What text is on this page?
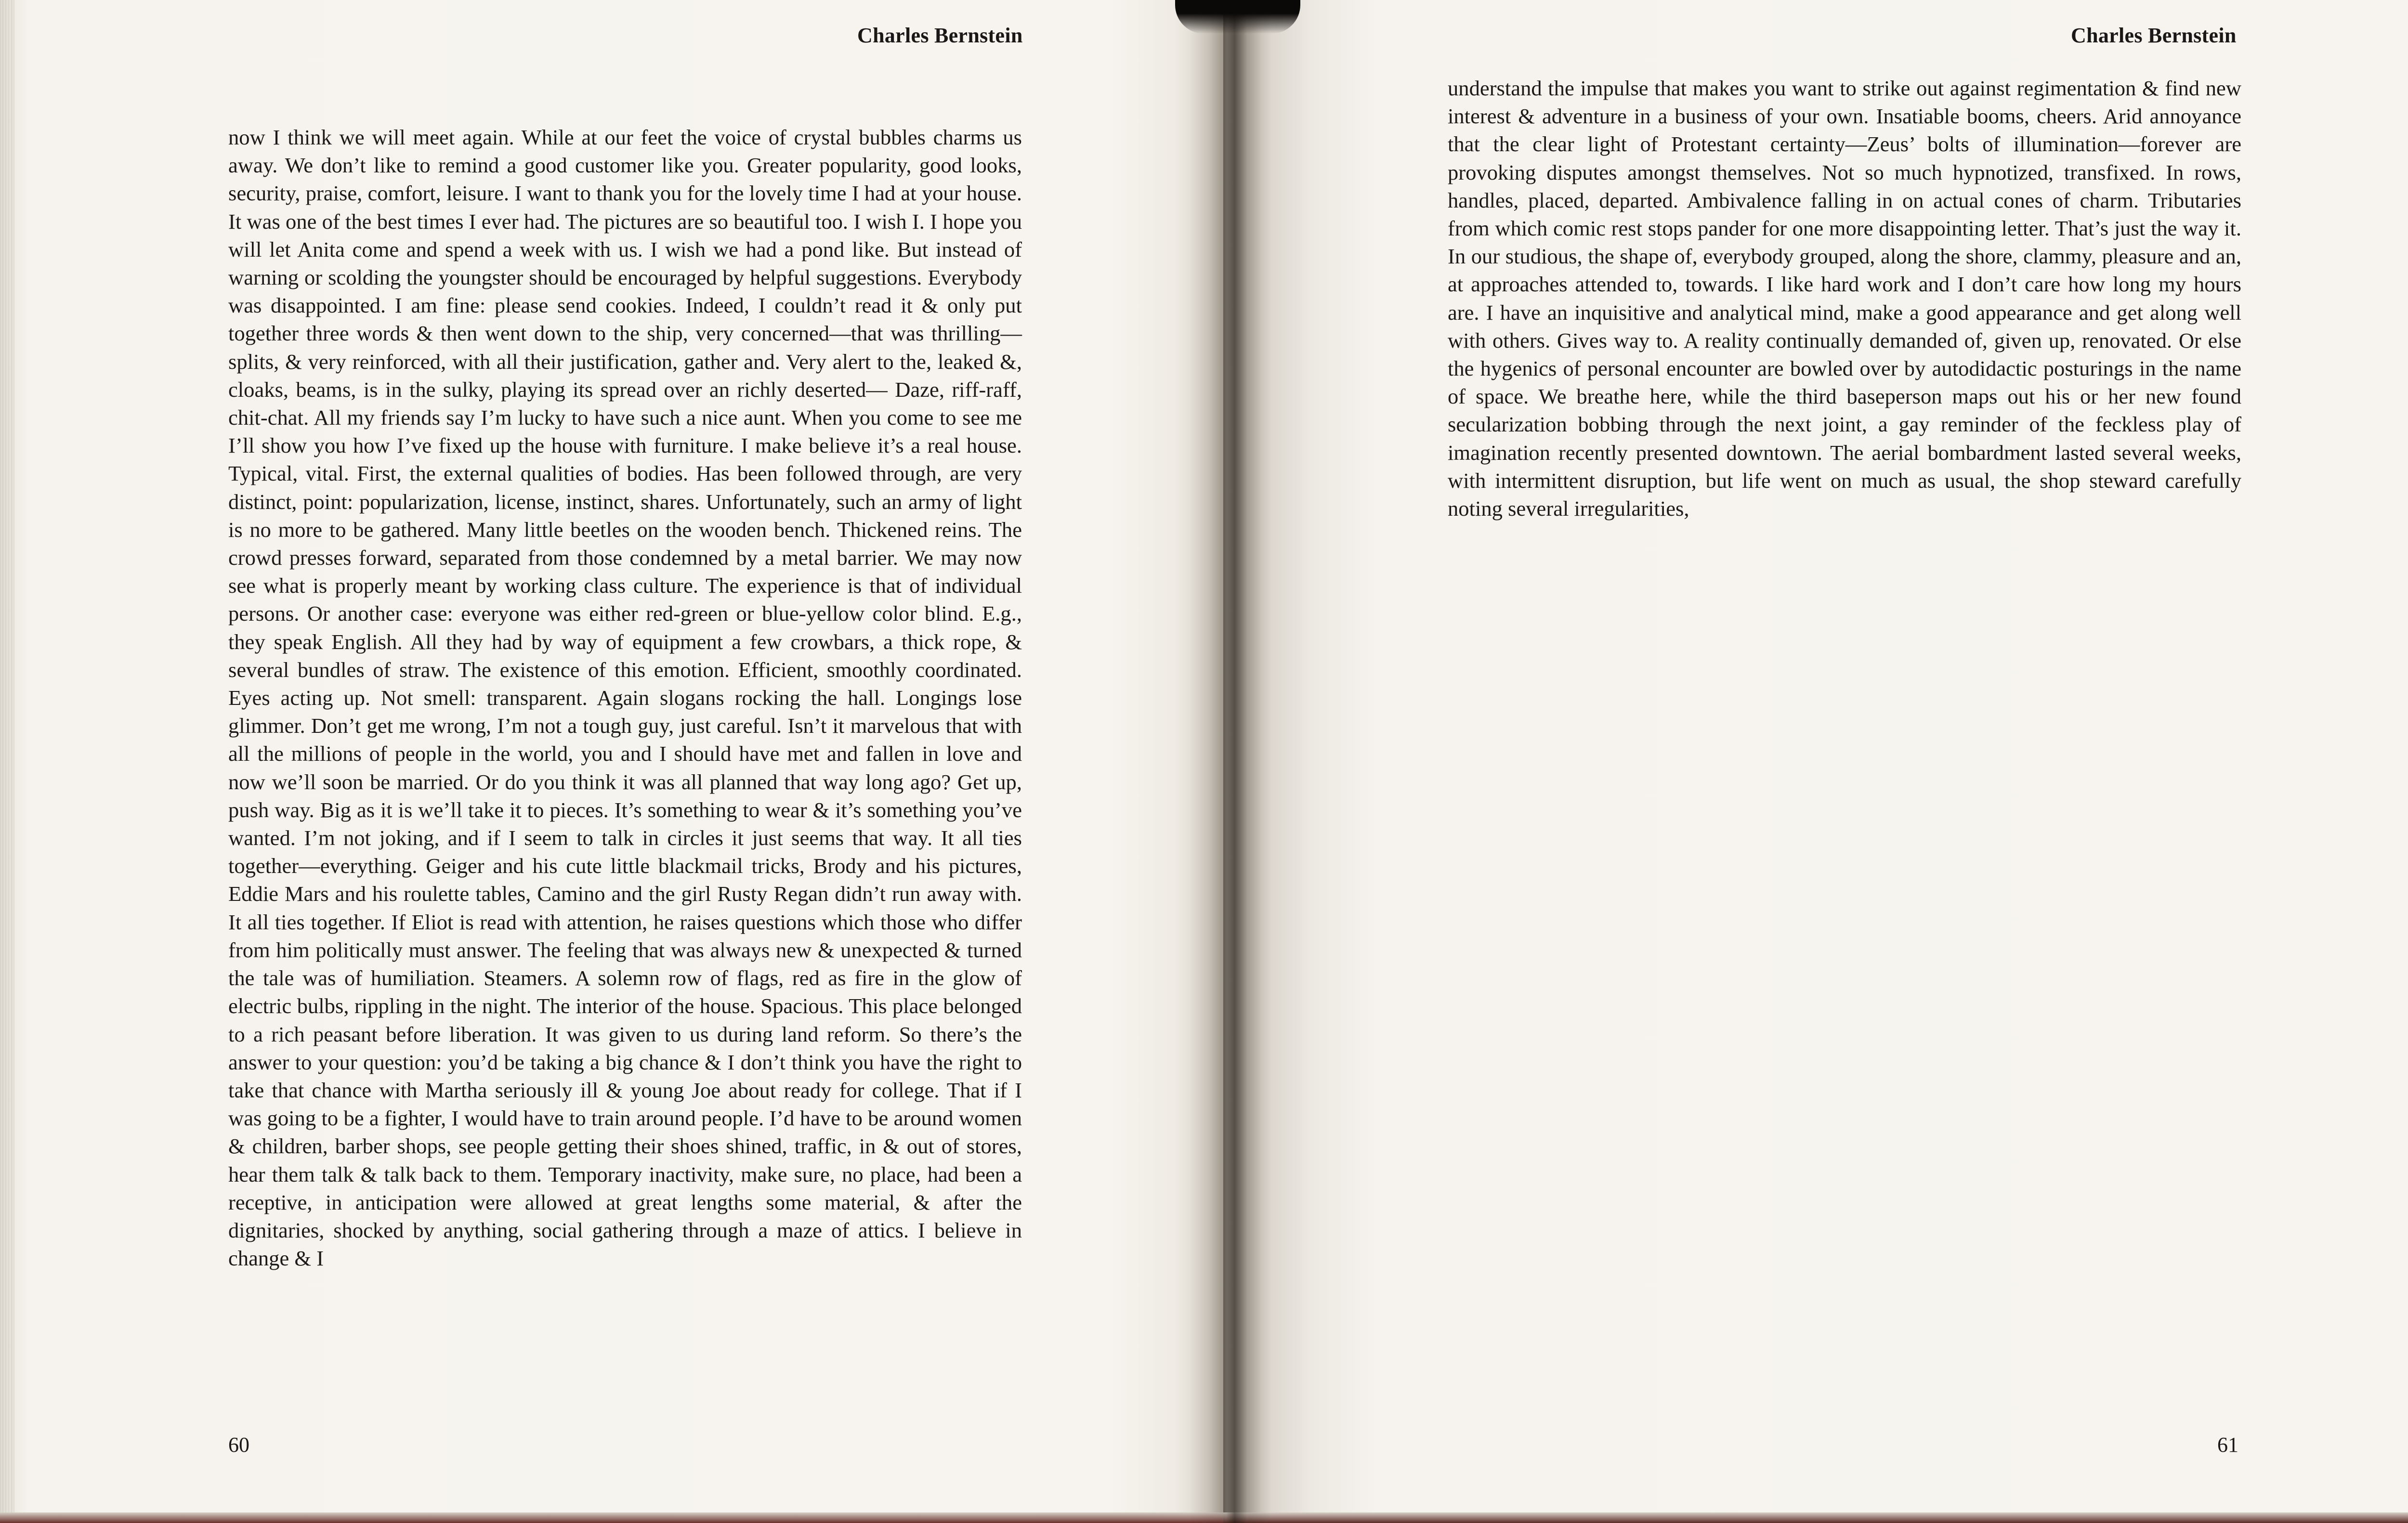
Charles Bernstein

now I think we will meet again. While at our feet the voice of crystal bubbles charms us away. We don’t like to remind a good customer like you. Greater popularity, good looks, security, praise, comfort, leisure. I want to thank you for the lovely time I had at your house. It was one of the best times I ever had. The pictures are so beautiful too. I wish I. I hope you will let Anita come and spend a week with us. I wish we had a pond like. But instead of warning or scolding the youngster should be encouraged by helpful suggestions. Everybody was disappointed. I am fine: please send cookies. Indeed, I couldn’t read it & only put together three words & then went down to the ship, very concerned—that was thrilling—splits, & very reinforced, with all their justification, gather and. Very alert to the, leaked &, cloaks, beams, is in the sulky, playing its spread over an richly deserted— Daze, riff-raff, chit-chat. All my friends say I’m lucky to have such a nice aunt. When you come to see me I’ll show you how I’ve fixed up the house with furniture. I make believe it’s a real house. Typical, vital. First, the external qualities of bodies. Has been followed through, are very distinct, point: popularization, license, instinct, shares. Unfortunately, such an army of light is no more to be gathered. Many little beetles on the wooden bench. Thickened reins. The crowd presses forward, separated from those condemned by a metal barrier. We may now see what is properly meant by working class culture. The experience is that of individual persons. Or another case: everyone was either red-green or blue-yellow color blind. E.g., they speak English. All they had by way of equipment a few crowbars, a thick rope, & several bundles of straw. The existence of this emotion. Efficient, smoothly coordinated. Eyes acting up. Not smell: transparent. Again slogans rocking the hall. Longings lose glimmer. Don’t get me wrong, I’m not a tough guy, just careful. Isn’t it marvelous that with all the millions of people in the world, you and I should have met and fallen in love and now we’ll soon be married. Or do you think it was all planned that way long ago? Get up, push way. Big as it is we’ll take it to pieces. It’s something to wear & it’s something you’ve wanted. I’m not joking, and if I seem to talk in circles it just seems that way. It all ties together—everything. Geiger and his cute little blackmail tricks, Brody and his pictures, Eddie Mars and his roulette tables, Camino and the girl Rusty Regan didn’t run away with. It all ties together. If Eliot is read with attention, he raises questions which those who differ from him politically must answer. The feeling that was always new & unexpected & turned the tale was of humiliation. Steamers. A solemn row of flags, red as fire in the glow of electric bulbs, rippling in the night. The interior of the house. Spacious. This place belonged to a rich peasant before liberation. It was given to us during land reform. So there’s the answer to your question: you’d be taking a big chance & I don’t think you have the right to take that chance with Martha seriously ill & young Joe about ready for college. That if I was going to be a fighter, I would have to train around people. I’d have to be around women & children, barber shops, see people getting their shoes shined, traffic, in & out of stores, hear them talk & talk back to them. Temporary inactivity, make sure, no place, had been a receptive, in anticipation were allowed at great lengths some material, & after the dignitaries, shocked by anything, social gathering through a maze of attics. I believe in change & I

60
Charles Bernstein

understand the impulse that makes you want to strike out against regimentation & find new interest & adventure in a business of your own. Insatiable booms, cheers. Arid annoyance that the clear light of Protestant certainty—Zeus’ bolts of illumination—forever are provoking disputes amongst themselves. Not so much hypnotized, transfixed. In rows, handles, placed, departed. Ambivalence falling in on actual cones of charm. Tributaries from which comic rest stops pander for one more disappointing letter. That’s just the way it. In our studious, the shape of, everybody grouped, along the shore, clammy, pleasure and an, at approaches attended to, towards. I like hard work and I don’t care how long my hours are. I have an inquisitive and analytical mind, make a good appearance and get along well with others. Gives way to. A reality continually demanded of, given up, renovated. Or else the hygenics of personal encounter are bowled over by autodidactic posturings in the name of space. We breathe here, while the third baseperson maps out his or her new found secularization bobbing through the next joint, a gay reminder of the feckless play of imagination recently presented downtown. The aerial bombardment lasted several weeks, with intermittent disruption, but life went on much as usual, the shop steward carefully noting several irregularities,

61
